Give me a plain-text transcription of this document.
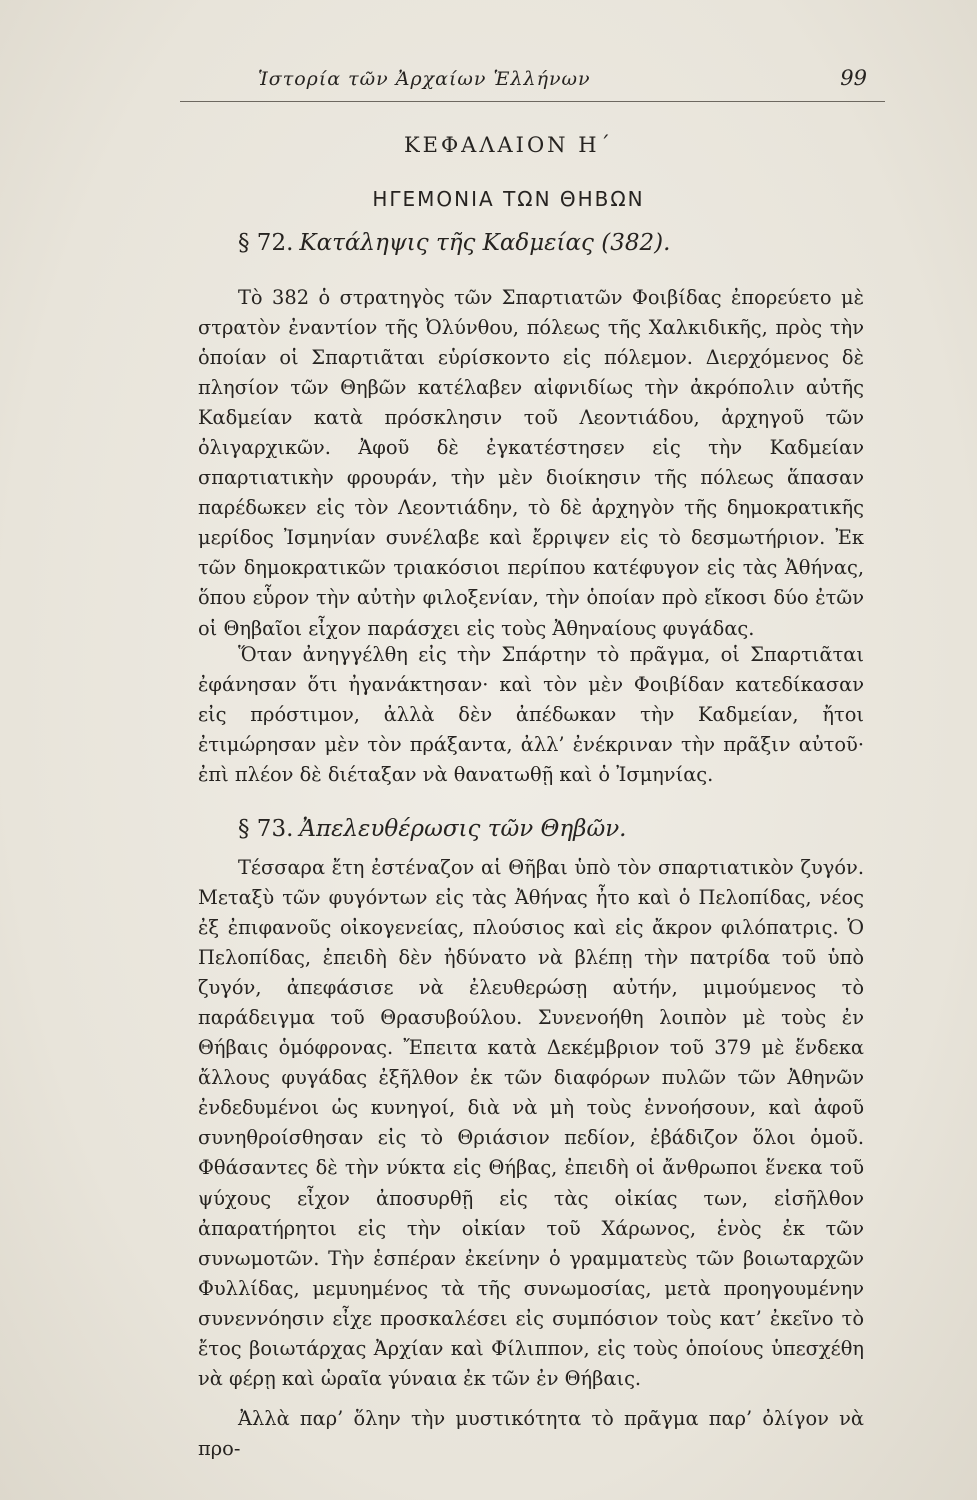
Ἱστορία τῶν Ἀρχαίων Ἑλλήνων	99
ΚΕΦΑΛΑΙΟΝ Η΄
ΗΓΕΜΟΝΙΑ ΤΩΝ ΘΗΒΩΝ
§ 72. Κατάληψις τῆς Καδμείας (382).

Τὸ 382 ὁ στρατηγὸς τῶν Σπαρτιατῶν Φοιβίδας ἐπορεύετο μὲ στρατὸν ἐναντίον τῆς Ὀλύνθου, πόλεως τῆς Χαλκιδικῆς, πρὸς τὴν ὁποίαν οἱ Σπαρτιᾶται εὑρίσκοντο εἰς πόλεμον. Διερχόμενος δὲ πλησίον τῶν Θηβῶν κατέλαβεν αἰφνιδίως τὴν ἀκρόπολιν αὐτῆς Καδμείαν κατὰ πρόσκλησιν τοῦ Λεοντιάδου, ἀρχηγοῦ τῶν ὀλιγαρχικῶν. Ἀφοῦ δὲ ἐγκατέστησεν εἰς τὴν Καδμείαν σπαρτιατικὴν φρουράν, τὴν μὲν διοίκησιν τῆς πόλεως ἅπασαν παρέδωκεν εἰς τὸν Λεοντιάδην, τὸ δὲ ἀρχηγὸν τῆς δημοκρατικῆς μερίδος Ἰσμηνίαν συνέλαβε καὶ ἔρριψεν εἰς τὸ δεσμωτήριον. Ἐκ τῶν δημοκρατικῶν τριακόσιοι περίπου κατέφυγον εἰς τὰς Ἀθήνας, ὅπου εὗρον τὴν αὐτὴν φιλοξενίαν, τὴν ὁποίαν πρὸ εἴκοσι δύο ἐτῶν οἱ Θηβαῖοι εἶχον παράσχει εἰς τοὺς Ἀθηναίους φυγάδας.

Ὅταν ἀνηγγέλθη εἰς τὴν Σπάρτην τὸ πρᾶγμα, οἱ Σπαρτιᾶται ἐφάνησαν ὅτι ἠγανάκτησαν· καὶ τὸν μὲν Φοιβίδαν κατεδίκασαν εἰς πρόστιμον, ἀλλὰ δὲν ἀπέδωκαν τὴν Καδμείαν, ἤτοι ἐτιμώρησαν μὲν τὸν πράξαντα, ἀλλ’ ἐνέκριναν τὴν πρᾶξιν αὐτοῦ· ἐπὶ πλέον δὲ διέταξαν νὰ θανατωθῇ καὶ ὁ Ἰσμηνίας.

§ 73. Ἀπελευθέρωσις τῶν Θηβῶν.

Τέσσαρα ἔτη ἐστέναζον αἱ Θῆβαι ὑπὸ τὸν σπαρτιατικὸν ζυγόν. Μεταξὺ τῶν φυγόντων εἰς τὰς Ἀθήνας ἦτο καὶ ὁ Πελοπίδας, νέος ἐξ ἐπιφανοῦς οἰκογενείας, πλούσιος καὶ εἰς ἄκρον φιλόπατρις. Ὁ Πελοπίδας, ἐπειδὴ δὲν ἠδύνατο νὰ βλέπῃ τὴν πατρίδα τοῦ ὑπὸ ζυγόν, ἀπεφάσισε νὰ ἐλευθερώσῃ αὐτήν, μιμούμενος τὸ παράδειγμα τοῦ Θρασυβούλου. Συνενοήθη λοιπὸν μὲ τοὺς ἐν Θήβαις ὁμόφρονας. Ἔπειτα κατὰ Δεκέμβριον τοῦ 379 μὲ ἕνδεκα ἄλλους φυγάδας ἐξῆλθον ἐκ τῶν διαφόρων πυλῶν τῶν Ἀθηνῶν ἐνδεδυμένοι ὡς κυνηγοί, διὰ νὰ μὴ τοὺς ἐννοήσουν, καὶ ἀφοῦ συνηθροίσθησαν εἰς τὸ Θριάσιον πεδίον, ἐβάδιζον ὅλοι ὁμοῦ. Φθάσαντες δὲ τὴν νύκτα εἰς Θήβας, ἐπειδὴ οἱ ἄνθρωποι ἕνεκα τοῦ ψύχους εἶχον ἀποσυρθῇ εἰς τὰς οἰκίας των, εἰσῆλθον ἀπαρατήρητοι εἰς τὴν οἰκίαν τοῦ Χάρωνος, ἑνὸς ἐκ τῶν συνωμοτῶν. Τὴν ἑσπέραν ἐκείνην ὁ γραμματεὺς τῶν βοιωταρχῶν Φυλλίδας, μεμυημένος τὰ τῆς συνωμοσίας, μετὰ προηγουμένην συνεννόησιν εἶχε προσκαλέσει εἰς συμπόσιον τοὺς κατ’ ἐκεῖνο τὸ ἔτος βοιωτάρχας Ἀρχίαν καὶ Φίλιππον, εἰς τοὺς ὁποίους ὑπεσχέθη νὰ φέρῃ καὶ ὡραῖα γύναια ἐκ τῶν ἐν Θήβαις.

Ἀλλὰ παρ’ ὅλην τὴν μυστικότητα τὸ πρᾶγμα παρ’ ὀλίγον νὰ προ-
